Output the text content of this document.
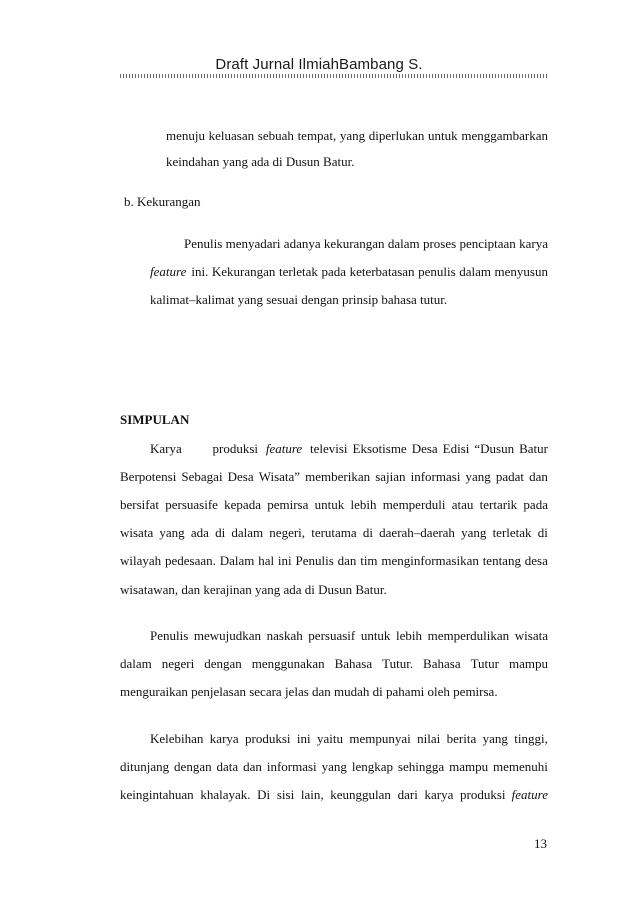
Draft Jurnal IlmiahBambang S.
menuju keluasan sebuah tempat, yang diperlukan untuk menggambarkan
keindahan yang ada di Dusun Batur.
b. Kekurangan
Penulis menyadari adanya kekurangan dalam proses penciptaan karya
feature ini. Kekurangan terletak pada keterbatasan penulis dalam menyusun
kalimat–kalimat yang sesuai dengan prinsip bahasa tutur.
SIMPULAN
Karya produksi feature televisi Eksotisme Desa Edisi “Dusun Batur
Berpotensi Sebagai Desa Wisata” memberikan sajian informasi yang padat dan
bersifat persuasife kepada pemirsa untuk lebih memperduli atau tertarik pada
wisata yang ada di dalam negeri, terutama di daerah–daerah yang terletak di
wilayah pedesaan. Dalam hal ini Penulis dan tim menginformasikan tentang desa
wisatawan, dan kerajinan yang ada di Dusun Batur.
Penulis mewujudkan naskah persuasif untuk lebih memperdulikan wisata
dalam negeri dengan menggunakan Bahasa Tutur. Bahasa Tutur mampu
menguraikan penjelasan secara jelas dan mudah di pahami oleh pemirsa.
Kelebihan karya produksi ini yaitu mempunyai nilai berita yang tinggi,
ditunjang dengan data dan informasi yang lengkap sehingga mampu memenuhi
keingintahuan khalayak. Di sisi lain, keunggulan dari karya produksi feature
13
